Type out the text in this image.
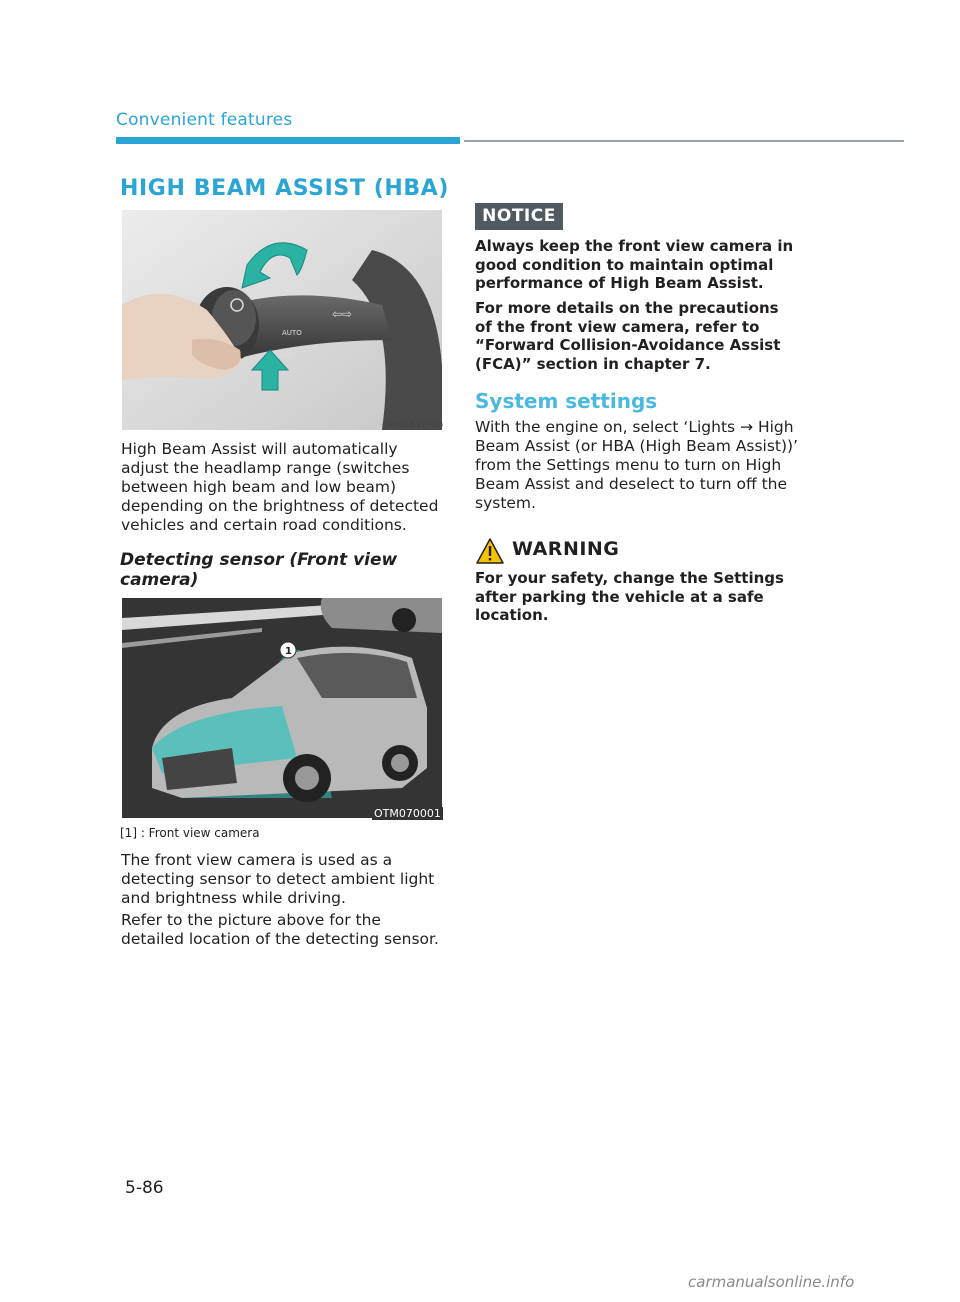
Convenient features
HIGH BEAM ASSIST (HBA)
AUTO
OFF
⇦⇨
OIK047090
High Beam Assist will automatically
adjust the headlamp range (switches
between high beam and low beam)
depending on the brightness of detected
vehicles and certain road conditions.
Detecting sensor (Front view
camera)
1
OTM070001
[1] : Front view camera
The front view camera is used as a
detecting sensor to detect ambient light
and brightness while driving.
Refer to the picture above for the
detailed location of the detecting sensor.
NOTICE
Always keep the front view camera in
good condition to maintain optimal
performance of High Beam Assist.
For more details on the precautions
of the front view camera, refer to
“Forward Collision-Avoidance Assist
(FCA)” section in chapter 7.
System settings
With the engine on, select ‘Lights → High
Beam Assist (or HBA (High Beam Assist))’
from the Settings menu to turn on High
Beam Assist and deselect to turn off the
system.
WARNING
For your safety, change the Settings
after parking the vehicle at a safe
location.
5-86
carmanualsonline.info
